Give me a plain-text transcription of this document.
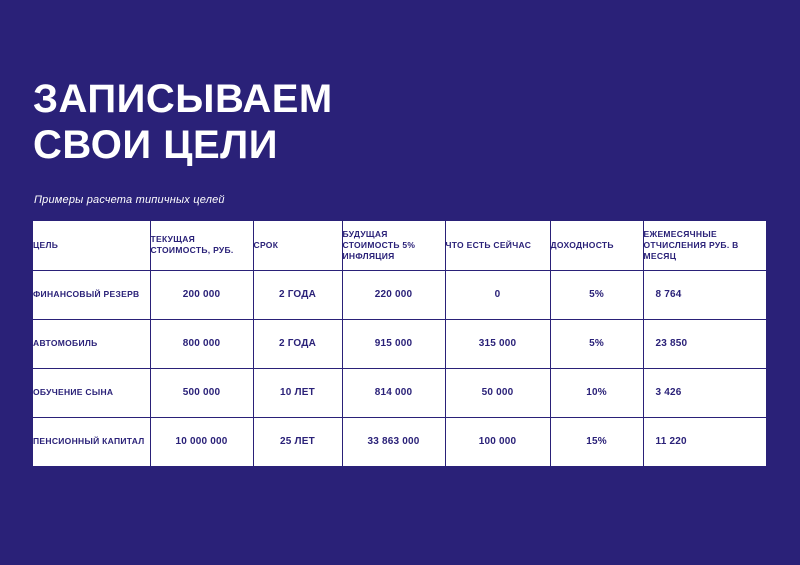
ЗАПИСЫВАЕМ
СВОИ ЦЕЛИ
Примеры расчета типичных целей
ЦЕЛЬ	ТЕКУЩАЯ СТОИМОСТЬ, РУБ.	СРОК	БУДУЩАЯ СТОИМОСТЬ 5% ИНФЛЯЦИЯ	ЧТО ЕСТЬ СЕЙЧАС	ДОХОДНОСТЬ	ЕЖЕМЕСЯЧНЫЕ ОТЧИСЛЕНИЯ РУБ. В МЕСЯЦ
ФИНАНСОВЫЙ РЕЗЕРВ	200 000	2 ГОДА	220 000	0	5%	8 764
АВТОМОБИЛЬ	800 000	2 ГОДА	915 000	315 000	5%	23 850
ОБУЧЕНИЕ СЫНА	500 000	10 ЛЕТ	814 000	50 000	10%	3 426
ПЕНСИОННЫЙ КАПИТАЛ	10 000 000	25 ЛЕТ	33 863 000	100 000	15%	11 220
